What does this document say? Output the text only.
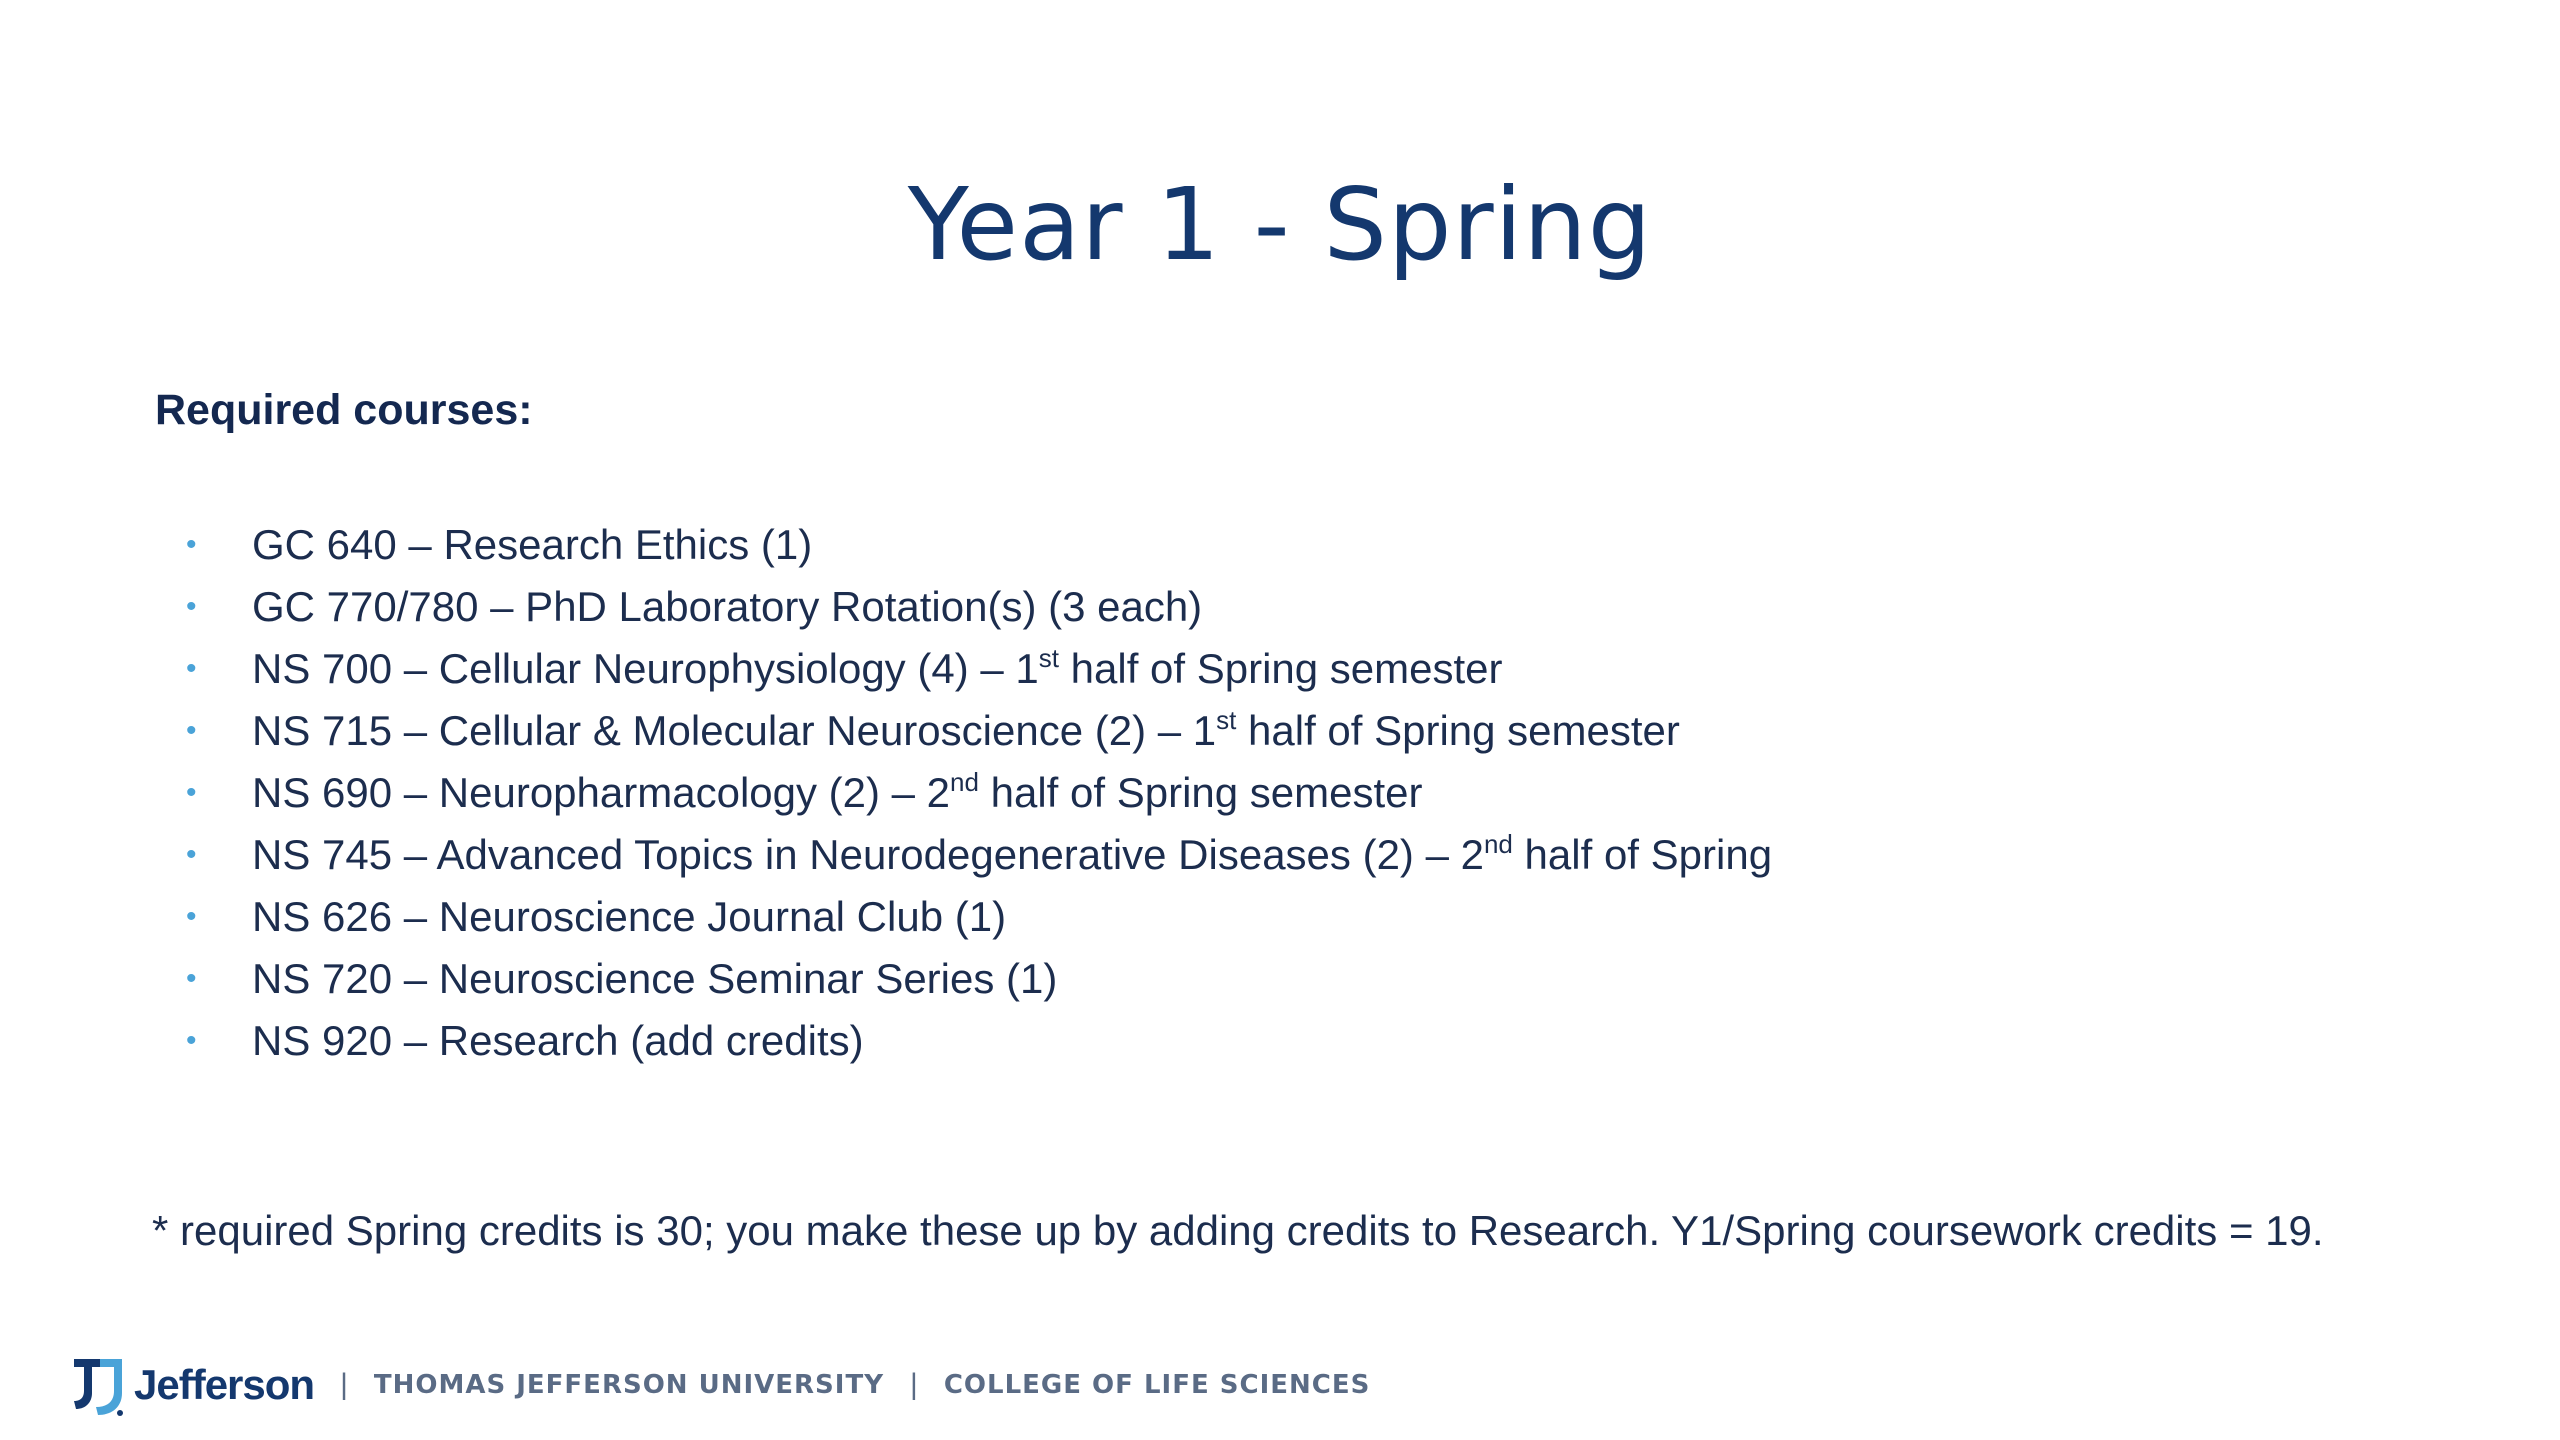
Year 1 - Spring
Required courses:
• GC 640 – Research Ethics (1)
• GC 770/780 – PhD Laboratory Rotation(s) (3 each)
• NS 700 – Cellular Neurophysiology (4) – 1st half of Spring semester
• NS 715 – Cellular & Molecular Neuroscience (2) – 1st half of Spring semester
• NS 690 – Neuropharmacology (2) – 2nd half of Spring semester
• NS 745 – Advanced Topics in Neurodegenerative Diseases (2) – 2nd half of Spring
• NS 626 – Neuroscience Journal Club (1)
• NS 720 – Neuroscience Seminar Series (1)
• NS 920 – Research (add credits)
* required Spring credits is 30; you make these up by adding credits to Research. Y1/Spring coursework credits = 19.
Jefferson | THOMAS JEFFERSON UNIVERSITY | COLLEGE OF LIFE SCIENCES
